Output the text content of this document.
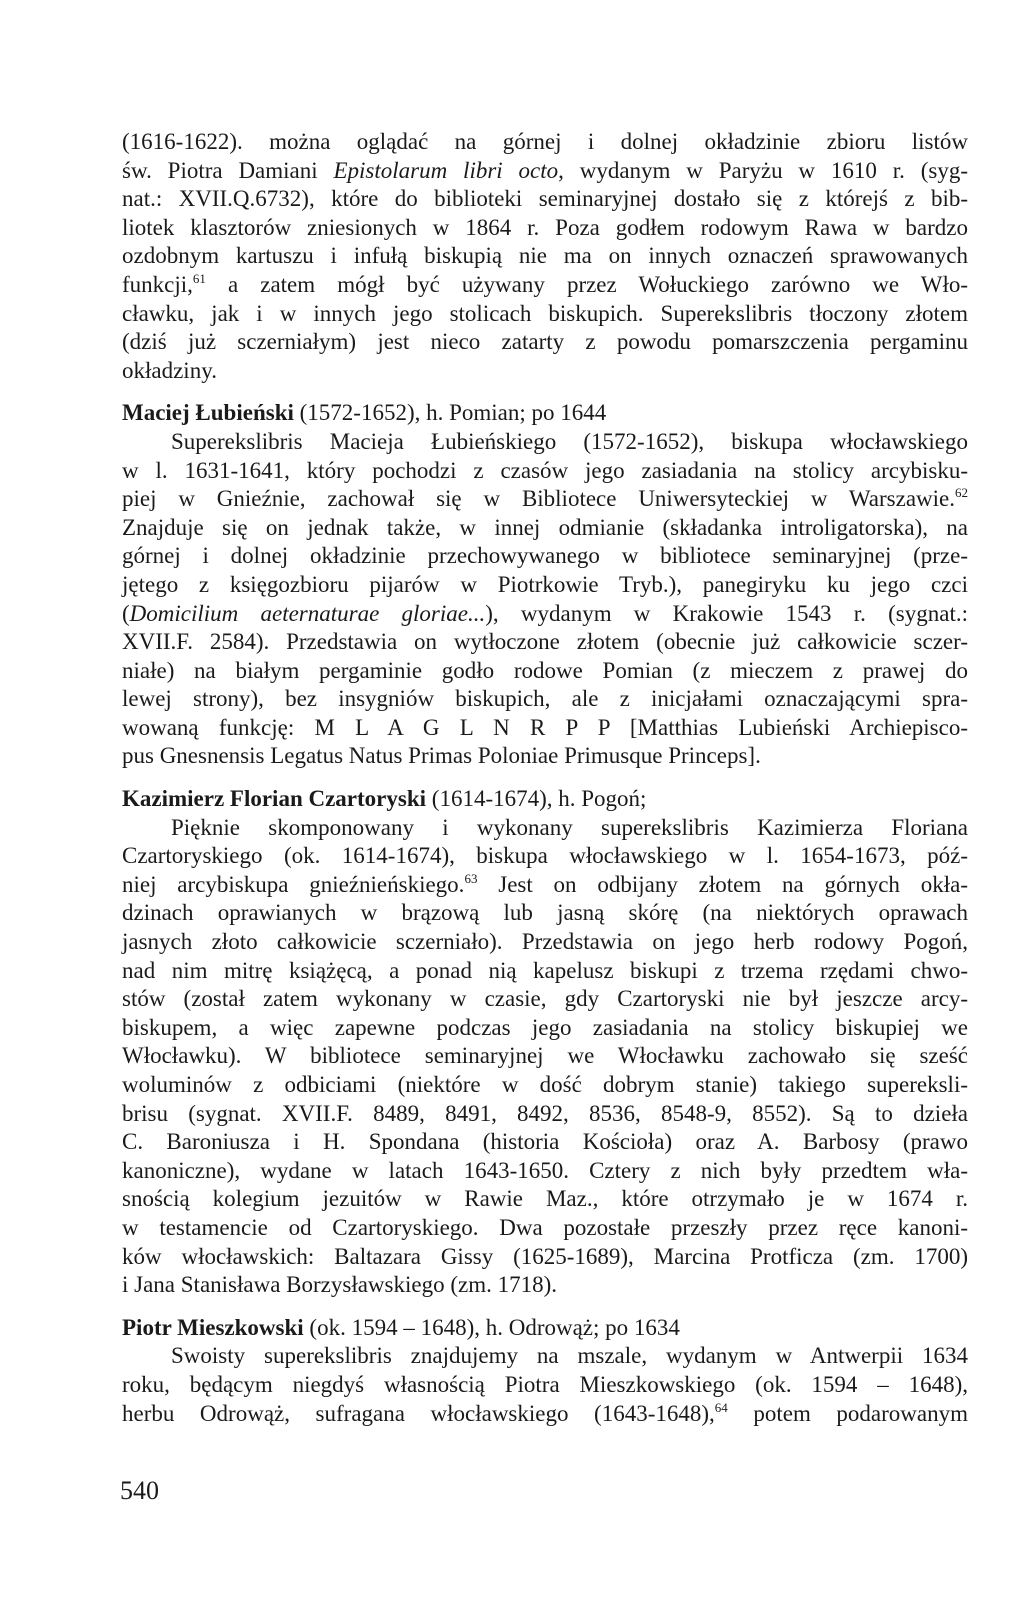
(1616-1622). można oglądać na górnej i dolnej okładzinie zbioru listów
św. Piotra Damiani Epistolarum libri octo, wydanym w Paryżu w 1610 r. (syg-
nat.: XVII.Q.6732), które do biblioteki seminaryjnej dostało się z którejś z bib-
liotek klasztorów zniesionych w 1864 r. Poza godłem rodowym Rawa w bardzo
ozdobnym kartuszu i infułą biskupią nie ma on innych oznaczeń sprawowanych
funkcji,$^{61}$ a zatem mógł być używany przez Wołuckiego zarówno we Wło-
cławku, jak i w innych jego stolicach biskupich. Superekslibris tłoczony złotem
(dziś już sczerniałym) jest nieco zatarty z powodu pomarszczenia pergaminu
okładziny.
Maciej Łubieński (1572-1652), h. Pomian; po 1644
Superekslibris Macieja Łubieńskiego (1572-1652), biskupa włocławskiego
w l. 1631-1641, który pochodzi z czasów jego zasiadania na stolicy arcybisku-
piej w Gnieźnie, zachował się w Bibliotece Uniwersyteckiej w Warszawie.$^{62}$
Znajduje się on jednak także, w innej odmianie (składanka introligatorska), na
górnej i dolnej okładzinie przechowywanego w bibliotece seminaryjnej (prze-
jętego z księgozbioru pijarów w Piotrkowie Tryb.), panegiryku ku jego czci
(Domicilium aeternaturae gloriae...), wydanym w Krakowie 1543 r. (sygnat.:
XVII.F. 2584). Przedstawia on wytłoczone złotem (obecnie już całkowicie sczer-
niałe) na białym pergaminie godło rodowe Pomian (z mieczem z prawej do
lewej strony), bez insygniów biskupich, ale z inicjałami oznaczającymi spra-
wowaną funkcję: M L A G L N R P P [Matthias Lubieński Archiepisco-
pus Gnesnensis Legatus Natus Primas Poloniae Primusque Princeps].
Kazimierz Florian Czartoryski (1614-1674), h. Pogoń;
Pięknie skomponowany i wykonany superekslibris Kazimierza Floriana
Czartoryskiego (ok. 1614-1674), biskupa włocławskiego w l. 1654-1673, póź-
niej arcybiskupa gnieźnieńskiego.$^{63}$ Jest on odbijany złotem na górnych okła-
dzinach oprawianych w brązową lub jasną skórę (na niektórych oprawach
jasnych złoto całkowicie sczerniało). Przedstawia on jego herb rodowy Pogoń,
nad nim mitrę książęcą, a ponad nią kapelusz biskupi z trzema rzędami chwo-
stów (został zatem wykonany w czasie, gdy Czartoryski nie był jeszcze arcy-
biskupem, a więc zapewne podczas jego zasiadania na stolicy biskupiej we
Włocławku). W bibliotece seminaryjnej we Włocławku zachowało się sześć
woluminów z odbiciami (niektóre w dość dobrym stanie) takiego supereksli-
brisu (sygnat. XVII.F. 8489, 8491, 8492, 8536, 8548-9, 8552). Są to dzieła
C. Baroniusza i H. Spondana (historia Kościoła) oraz A. Barbosy (prawo
kanoniczne), wydane w latach 1643-1650. Cztery z nich były przedtem wła-
snością kolegium jezuitów w Rawie Maz., które otrzymało je w 1674 r.
w testamencie od Czartoryskiego. Dwa pozostałe przeszły przez ręce kanoni-
ków włocławskich: Baltazara Gissy (1625-1689), Marcina Protficza (zm. 1700)
i Jana Stanisława Borzysławskiego (zm. 1718).
Piotr Mieszkowski (ok. 1594 – 1648), h. Odrowąż; po 1634
Swoisty superekslibris znajdujemy na mszale, wydanym w Antwerpii 1634
roku, będącym niegdyś własnością Piotra Mieszkowskiego (ok. 1594 – 1648),
herbu Odrowąż, sufragana włocławskiego (1643-1648),$^{64}$ potem podarowanym
540
